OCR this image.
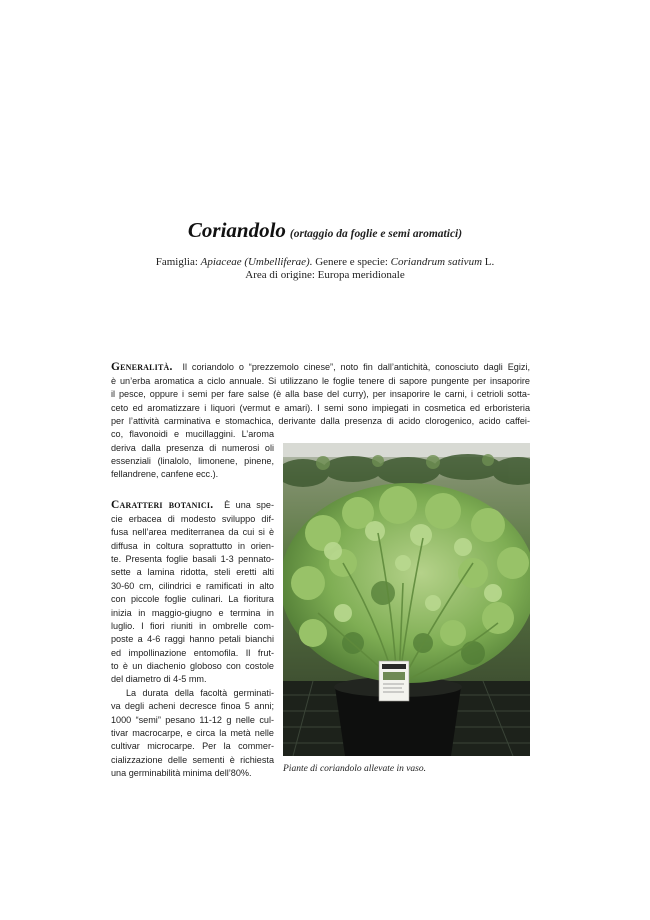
Coriandolo (ortaggio da foglie e semi aromatici)

Famiglia: Apiaceae (Umbelliferae). Genere e specie: Coriandrum sativum L.

Area di origine: Europa meridionale

Generalità. Il coriandolo o “prezzemolo cinese”, noto fin dall’antichità, conosciuto dagli Egizi,

è un’erba aromatica a ciclo annuale. Si utilizzano le foglie tenere di sapore pungente per insaporire

il pesce, oppure i semi per fare salse (è alla base del curry), per insaporire le carni, i cetrioli sotta-

ceto ed aromatizzare i liquori (vermut e amari). I semi sono impiegati in cosmetica ed erboristeria

per l’attività carminativa e stomachica, derivante dalla presenza di acido clorogenico, acido caffei-

co, flavonoidi e mucillaggini. L’aroma

deriva dalla presenza di numerosi oli

essenziali (linalolo, limonene, pinene,

fellandrene, canfene ecc.).

Caratteri botanici. È una spe-

cie erbacea di modesto sviluppo dif-

fusa nell’area mediterranea da cui si è

diffusa in coltura soprattutto in orien-

te. Presenta foglie basali 1-3 pennato-

sette a lamina ridotta, steli eretti alti

30-60 cm, cilindrici e ramificati in alto

con piccole foglie culinari. La fioritura

inizia in maggio-giugno e termina in

luglio. I fiori riuniti in ombrelle com-

poste a 4-6 raggi hanno petali bianchi

ed impollinazione entomofila. Il frut-

to è un diachenio globoso con costole

del diametro di 4-5 mm.

La durata della facoltà germinati-

va degli acheni decresce finoa 5 anni;

1000 “semi” pesano 11-12 g nelle cul-

tivar macrocarpe, e circa la metà nelle

cultivar microcarpe. Per la commer-

cializzazione delle sementi è richiesta

una germinabilità minima dell’80%.	Piante di coriandolo allevate in vaso.
